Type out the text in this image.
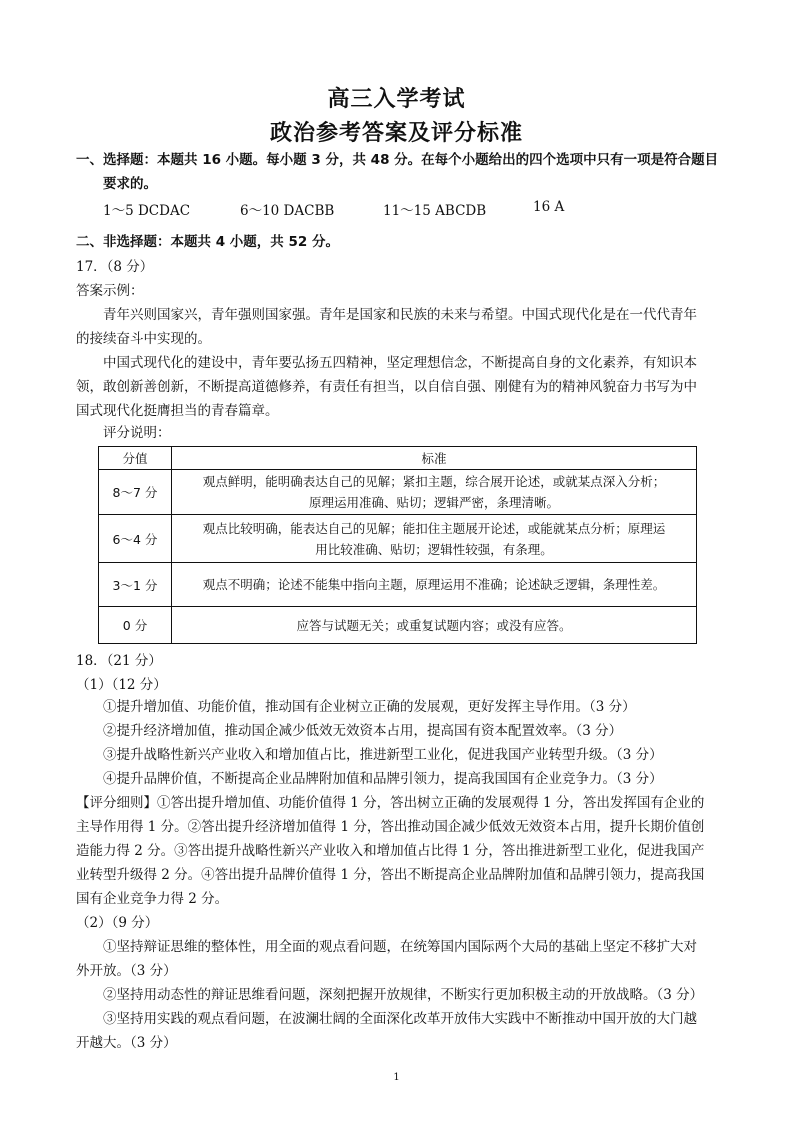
高三入学考试
政治参考答案及评分标准
一、选择题：本题共 16 小题。每小题 3 分，共 48 分。在每个小题给出的四个选项中只有一项是符合题目
要求的。
1～5 DCDAC	6～10 DACBB	11～15 ABCDB	16 A
二、非选择题：本题共 4 小题，共 52 分。
17．（8 分）
答案示例：
青年兴则国家兴，青年强则国家强。青年是国家和民族的未来与希望。中国式现代化是在一代代青年
的接续奋斗中实现的。
中国式现代化的建设中，青年要弘扬五四精神，坚定理想信念，不断提高自身的文化素养，有知识本
领，敢创新善创新，不断提高道德修养，有责任有担当，以自信自强、刚健有为的精神风貌奋力书写为中
国式现代化挺膺担当的青春篇章。
评分说明：
分值	标准
8～7 分	观点鲜明，能明确表达自己的见解；紧扣主题，综合展开论述，或就某点深入分析；
原理运用准确、贴切；逻辑严密，条理清晰。

6～4 分	观点比较明确，能表达自己的见解；能扣住主题展开论述，或能就某点分析；原理运
用比较准确、贴切；逻辑性较强，有条理。

3～1 分	观点不明确；论述不能集中指向主题，原理运用不准确；论述缺乏逻辑，条理性差。

0 分	应答与试题无关；或重复试题内容；或没有应答。
18．（21 分）
（1）（12 分）
①提升增加值、功能价值，推动国有企业树立正确的发展观，更好发挥主导作用。（3 分）
②提升经济增加值，推动国企减少低效无效资本占用，提高国有资本配置效率。（3 分）
③提升战略性新兴产业收入和增加值占比，推进新型工业化，促进我国产业转型升级。（3 分）
④提升品牌价值，不断提高企业品牌附加值和品牌引领力，提高我国国有企业竞争力。（3 分）
【评分细则】①答出提升增加值、功能价值得 1 分，答出树立正确的发展观得 1 分，答出发挥国有企业的
主导作用得 1 分。②答出提升经济增加值得 1 分，答出推动国企减少低效无效资本占用，提升长期价值创
造能力得 2 分。③答出提升战略性新兴产业收入和增加值占比得 1 分，答出推进新型工业化，促进我国产
业转型升级得 2 分。④答出提升品牌价值得 1 分，答出不断提高企业品牌附加值和品牌引领力，提高我国
国有企业竞争力得 2 分。
（2）（9 分）
①坚持辩证思维的整体性，用全面的观点看问题，在统筹国内国际两个大局的基础上坚定不移扩大对
外开放。（3 分）
②坚持用动态性的辩证思维看问题，深刻把握开放规律，不断实行更加积极主动的开放战略。（3 分）
③坚持用实践的观点看问题，在波澜壮阔的全面深化改革开放伟大实践中不断推动中国开放的大门越
开越大。（3 分）
1
